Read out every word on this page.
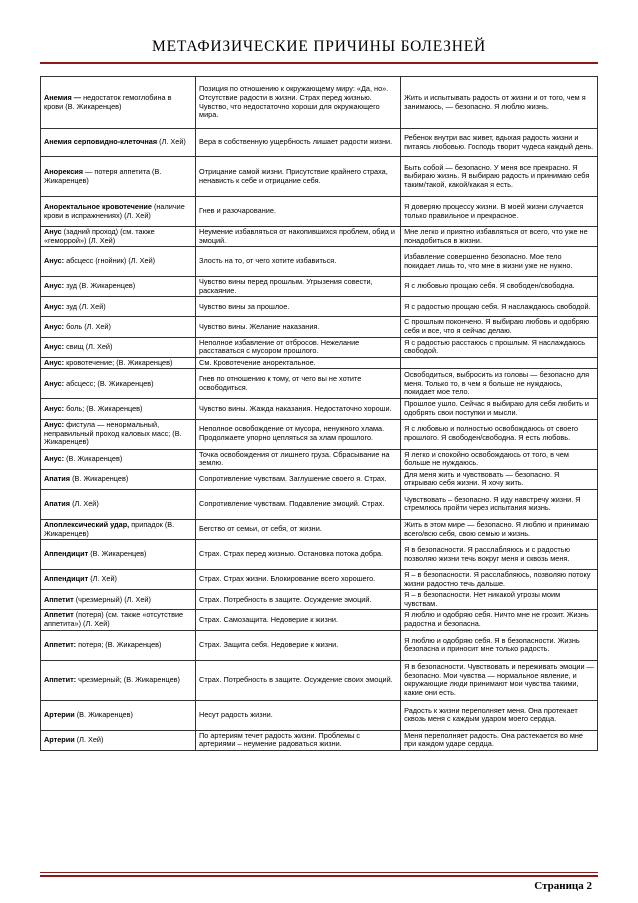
МЕТАФИЗИЧЕСКИЕ ПРИЧИНЫ БОЛЕЗНЕЙ
Анемия — недостаток гемоглобина в крови (В. Жикаренцев)	Позиция по отношению к окружающему миру: «Да, но». Отсутствие радости в жизни. Страх перед жизнью. Чувство, что недостаточно хороши для окружающего мира.	Жить и испытывать радость от жизни и от того, чем я занимаюсь, — безопасно. Я люблю жизнь.
Анемия серповидно-клеточная (Л. Хей)	Вера в собственную ущербность лишает радости жизни.	Ребенок внутри вас живет, вдыхая радость жизни и питаясь любовью. Господь творит чудеса каждый день.
Анорексия — потеря аппетита (В. Жикаренцев)	Отрицание самой жизни. Присутствие крайнего страха, ненависть к себе и отрицание себя.	Быть собой — безопасно. У меня все прекрасно. Я выбираю жизнь. Я выбираю радость и принимаю себя таким/такой, какой/какая я есть.
Анoректальное кровотечение (наличие крови в испражнениях) (Л. Хей)	Гнев и разочарование.	Я доверяю процессу жизни. В моей жизни случается только правильное и прекрасное.
Анус (задний проход) (см. также «геморрой») (Л. Хей)	Неумение избавляться от накопившихся проблем, обид и эмоций.	Мне легко и приятно избавляться от всего, что уже не понадобиться в жизни.
Анус: абсцесс (гнойник) (Л. Хей)	Злость на то, от чего хотите избавиться.	Избавление совершенно безопасно. Мое тело покидает лишь то, что мне в жизни уже не нужно.
Анус: зуд (В. Жикаренцев)	Чувство вины перед прошлым. Угрызения совести, раскаяние.	Я с любовью прощаю себя. Я свободен/свободна.
Анус: зуд (Л. Хей)	Чувство вины за прошлое.	Я с радостью прощаю себя. Я наслаждаюсь свободой.
Анус: боль (Л. Хей)	Чувство вины. Желание наказания.	С прошлым покончено. Я выбираю любовь и одобряю себя и все, что я сейчас делаю.
Анус: свищ (Л. Хей)	Неполное избавление от отбросов. Нежелание расставаться с мусором прошлого.	Я с радостью расстаюсь с прошлым. Я наслаждаюсь свободой.
Анус: кровотечение; (В. Жикаренцев)	См. Кровотечение анoректальное.	
Анус: абсцесс; (В. Жикаренцев)	Гнев по отношению к тому, от чего вы не хотите освободиться.	Освободиться, выбросить из головы — безопасно для меня. Только то, в чем я больше не нуждаюсь, покидает мое тело.
Анус: боль; (В. Жикаренцев)	Чувство вины. Жажда наказания. Недостаточно хороши.	Прошлое ушло. Сейчас я выбираю для себя любить и одобрять свои поступки и мысли.
Анус: фистула — ненормальный, неправильный проход каловых масс; (В. Жикаренцев)	Неполное освобождение от мусора, ненужного хлама. Продолжаете упорно цепляться за хлам прошлого.	Я с любовью и полностью освобождаюсь от своего прошлого. Я свободен/свободна. Я есть любовь.
Анус: (В. Жикаренцев)	Точка освобождения от лишнего груза. Сбрасывание на землю.	Я легко и спокойно освобождаюсь от того, в чем больше не нуждаюсь.
Апатия (В. Жикаренцев)	Сопротивление чувствам. Заглушение своего я. Страх.	Для меня жить и чувствовать — безопасно. Я открываю себя жизни. Я хочу жить.
Апатия (Л. Хей)	Сопротивление чувствам. Подавление эмоций. Страх.	Чувствовать – безопасно. Я иду навстречу жизни. Я стремлюсь пройти через испытания жизнь.
Апоплексический удар, припадок (В. Жикаренцев)	Бегство от семьи, от себя, от жизни.	Жить в этом мире — безопасно. Я люблю и принимаю всего/всю себя, свою семью и жизнь.
Аппендицит (В. Жикаренцев)	Страх. Страх перед жизнью. Остановка потока добра.	Я в безопасности. Я расслабляюсь и с радостью позволяю жизни течь вокруг меня и сквозь меня.
Аппендицит (Л. Хей)	Страх. Страх жизни. Блокирование всего хорошего.	Я – в безопасности. Я расслабляюсь, позволяю потоку жизни радостно течь дальше.
Аппетит (чрезмерный) (Л. Хей)	Страх. Потребность в защите. Осуждение эмоций.	Я – в безопасности. Нет никакой угрозы моим чувствам.
Аппетит (потеря) (см. также «отсутствие аппетита») (Л. Хей)	Страх. Самозащита. Недоверие к жизни.	Я люблю и одобряю себя. Ничто мне не грозит. Жизнь радостна и безопасна.
Аппетит: потеря; (В. Жикаренцев)	Страх. Защита себя. Недоверие к жизни.	Я люблю и одобряю себя. Я в безопасности. Жизнь безопасна и приносит мне только радость.
Аппетит: чрезмерный; (В. Жикаренцев)	Страх. Потребность в защите. Осуждение своих эмоций.	Я в безопасности. Чувствовать и переживать эмоции — безопасно. Мои чувства — нормальное явление, и окружающие люди принимают мои чувства такими, какие они есть.
Артерии (В. Жикаренцев)	Несут радость жизни.	Радость к жизни переполняет меня. Она протекает сквозь меня с каждым ударом моего сердца.
Артерии (Л. Хей)	По артериям течет радость жизни. Проблемы с артериями – неумение радоваться жизни.	Меня переполняет радость. Она растекается во мне при каждом ударе сердца.
Страница 2
